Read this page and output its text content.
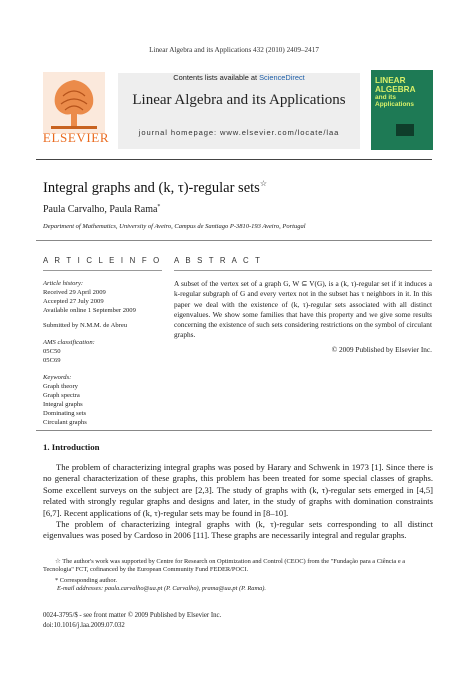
Linear Algebra and its Applications 432 (2010) 2409–2417
ELSEVIER
Contents lists available at ScienceDirect
Linear Algebra and its Applications
journal homepage: www.elsevier.com/locate/laa
LINEAR
ALGEBRA
and its
Applications
Integral graphs and (k, τ)-regular sets☆
Paula Carvalho, Paula Rama*
Department of Mathematics, University of Aveiro, Campus de Santiago P-3810-193 Aveiro, Portugal
A R T I C L E I N F O A B S T R A C T
Article history:
Received 29 April 2009
Accepted 27 July 2009
Available online 1 September 2009
Submitted by N.M.M. de Abreu
AMS classification:
05C50
05C69
Keywords:
Graph theory
Graph spectra
Integral graphs
Dominating sets
Circulant graphs
A subset of the vertex set of a graph G, W ⊆ V(G), is a (k, τ)-regular set if it induces a k-regular subgraph of G and every vertex not in the subset has τ neighbors in it. In this paper we deal with the existence of (k, τ)-regular sets associated with all distinct eigenvalues. We show some families that have this property and we give some results concerning the existence of such sets considering restrictions on the symbol of circulant graphs.
© 2009 Published by Elsevier Inc.
1. Introduction
The problem of characterizing integral graphs was posed by Harary and Schwenk in 1973 [1]. Since there is no general characterization of these graphs, this problem has been treated for some special classes of graphs. Some excellent surveys on the subject are [2,3]. The study of graphs with (k, τ)-regular sets emerged in [4,5] related with strongly regular graphs and designs and later, in the study of graphs with domination constraints [6,7]. Recent applications of (k, τ)-regular sets may be found in [8–10].
The problem of characterizing integral graphs with (k, τ)-regular sets corresponding to all distinct eigenvalues was posed by Cardoso in 2006 [11]. These graphs are necessarily integral and regular graphs.
☆ The author's work was supported by Centre for Research on Optimization and Control (CEOC) from the "Fundação para a Ciência e a Tecnologia" FCT, cofinanced by the European Community Fund FEDER/POCI.
* Corresponding author.
E-mail addresses: paula.carvalho@ua.pt (P. Carvalho), prama@ua.pt (P. Rama).
0024-3795/$ - see front matter © 2009 Published by Elsevier Inc.
doi:10.1016/j.laa.2009.07.032
